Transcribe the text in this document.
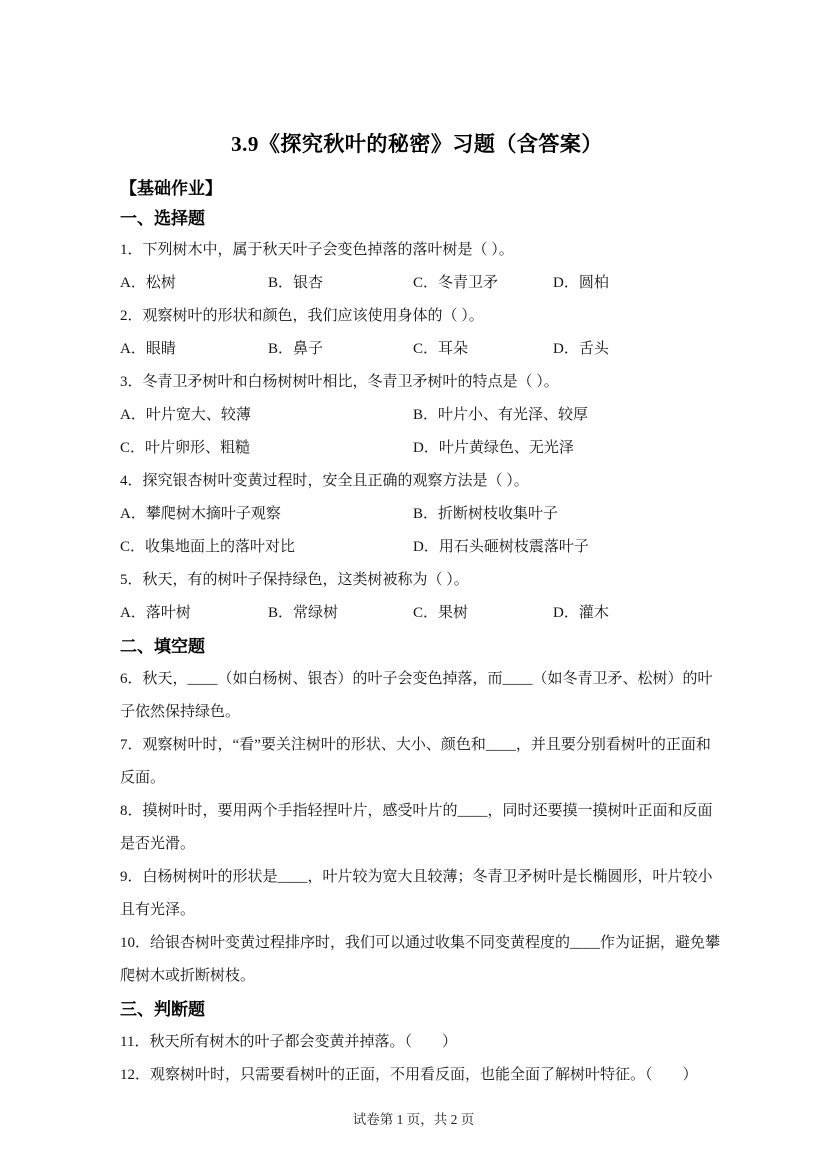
3.9《探究秋叶的秘密》习题（含答案）
【基础作业】
一、选择题
1．下列树木中，属于秋天叶子会变色掉落的落叶树是（ ）。
A．松树	B．银杏	C．冬青卫矛	D．圆柏
2．观察树叶的形状和颜色，我们应该使用身体的（ ）。
A．眼睛	B．鼻子	C．耳朵	D．舌头
3．冬青卫矛树叶和白杨树树叶相比，冬青卫矛树叶的特点是（ ）。
A．叶片宽大、较薄	B．叶片小、有光泽、较厚
C．叶片卵形、粗糙	D．叶片黄绿色、无光泽
4．探究银杏树叶变黄过程时，安全且正确的观察方法是（ ）。
A．攀爬树木摘叶子观察	B．折断树枝收集叶子
C．收集地面上的落叶对比	D．用石头砸树枝震落叶子
5．秋天，有的树叶子保持绿色，这类树被称为（ ）。
A．落叶树	B．常绿树	C．果树	D．灌木
二、填空题
6．秋天，____（如白杨树、银杏）的叶子会变色掉落，而____（如冬青卫矛、松树）的叶
子依然保持绿色。
7．观察树叶时，“看”要关注树叶的形状、大小、颜色和____，并且要分别看树叶的正面和
反面。
8．摸树叶时，要用两个手指轻捏叶片，感受叶片的____，同时还要摸一摸树叶正面和反面
是否光滑。
9．白杨树树叶的形状是____，叶片较为宽大且较薄；冬青卫矛树叶是长椭圆形，叶片较小
且有光泽。
10．给银杏树叶变黄过程排序时，我们可以通过收集不同变黄程度的____作为证据，避免攀
爬树木或折断树枝。
三、判断题
11．秋天所有树木的叶子都会变黄并掉落。（　　）
12．观察树叶时，只需要看树叶的正面，不用看反面，也能全面了解树叶特征。（　　）
试卷第 1 页，共 2 页
